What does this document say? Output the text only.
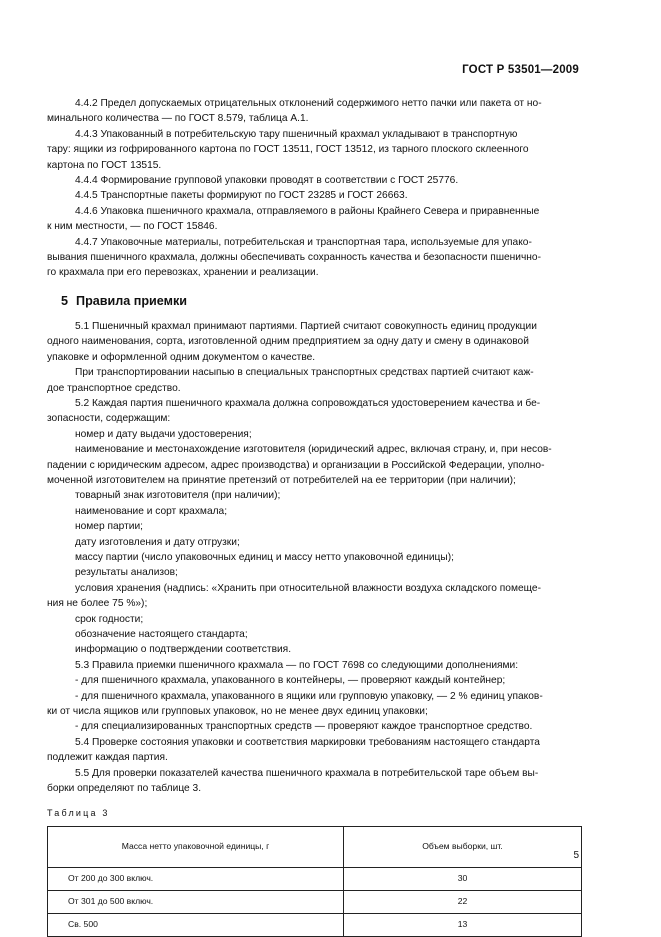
ГОСТ Р 53501—2009

4.4.2 Предел допускаемых отрицательных отклонений содержимого нетто пачки или пакета от но-
минального количества — по ГОСТ 8.579, таблица А.1.

4.4.3 Упакованный в потребительскую тару пшеничный крахмал укладывают в транспортную
тару: ящики из гофрированного картона по ГОСТ 13511, ГОСТ 13512, из тарного плоского склеенного
картона по ГОСТ 13515.

4.4.4 Формирование групповой упаковки проводят в соответствии с ГОСТ 25776.

4.4.5 Транспортные пакеты формируют по ГОСТ 23285 и ГОСТ 26663.

4.4.6 Упаковка пшеничного крахмала, отправляемого в районы Крайнего Севера и приравненные
к ним местности, — по ГОСТ 15846.

4.4.7 Упаковочные материалы, потребительская и транспортная тара, используемые для упако-
вывания пшеничного крахмала, должны обеспечивать сохранность качества и безопасности пшенично-
го крахмала при его перевозках, хранении и реализации.

5 Правила приемки

5.1 Пшеничный крахмал принимают партиями. Партией считают совокупность единиц продукции
одного наименования, сорта, изготовленной одним предприятием за одну дату и смену в одинаковой
упаковке и оформленной одним документом о качестве.

При транспортировании насыпью в специальных транспортных средствах партией считают каж-
дое транспортное средство.

5.2 Каждая партия пшеничного крахмала должна сопровождаться удостоверением качества и бе-
зопасности, содержащим:

номер и дату выдачи удостоверения;

наименование и местонахождение изготовителя (юридический адрес, включая страну, и, при несов-
падении с юридическим адресом, адрес производства) и организации в Российской Федерации, уполно-
моченной изготовителем на принятие претензий от потребителей на ее территории (при наличии);

товарный знак изготовителя (при наличии);

наименование и сорт крахмала;

номер партии;

дату изготовления и дату отгрузки;

массу партии (число упаковочных единиц и массу нетто упаковочной единицы);

результаты анализов;

условия хранения (надпись: «Хранить при относительной влажности воздуха складского помеще-
ния не более 75 %»);

срок годности;

обозначение настоящего стандарта;

информацию о подтверждении соответствия.

5.3 Правила приемки пшеничного крахмала — по ГОСТ 7698 со следующими дополнениями:

- для пшеничного крахмала, упакованного в контейнеры, — проверяют каждый контейнер;

- для пшеничного крахмала, упакованного в ящики или групповую упаковку, — 2 % единиц упаков-
ки от числа ящиков или групповых упаковок, но не менее двух единиц упаковки;

- для специализированных транспортных средств — проверяют каждое транспортное средство.

5.4 Проверке состояния упаковки и соответствия маркировки требованиям настоящего стандарта
подлежит каждая партия.

5.5 Для проверки показателей качества пшеничного крахмала в потребительской таре объем вы-
борки определяют по таблице 3.

Таблица 3
Масса нетто упаковочной единицы, г	Объем выборки, шт.
От 200 до 300 включ.	30
От 301 до 500 включ.	22
Св. 500	13
5
